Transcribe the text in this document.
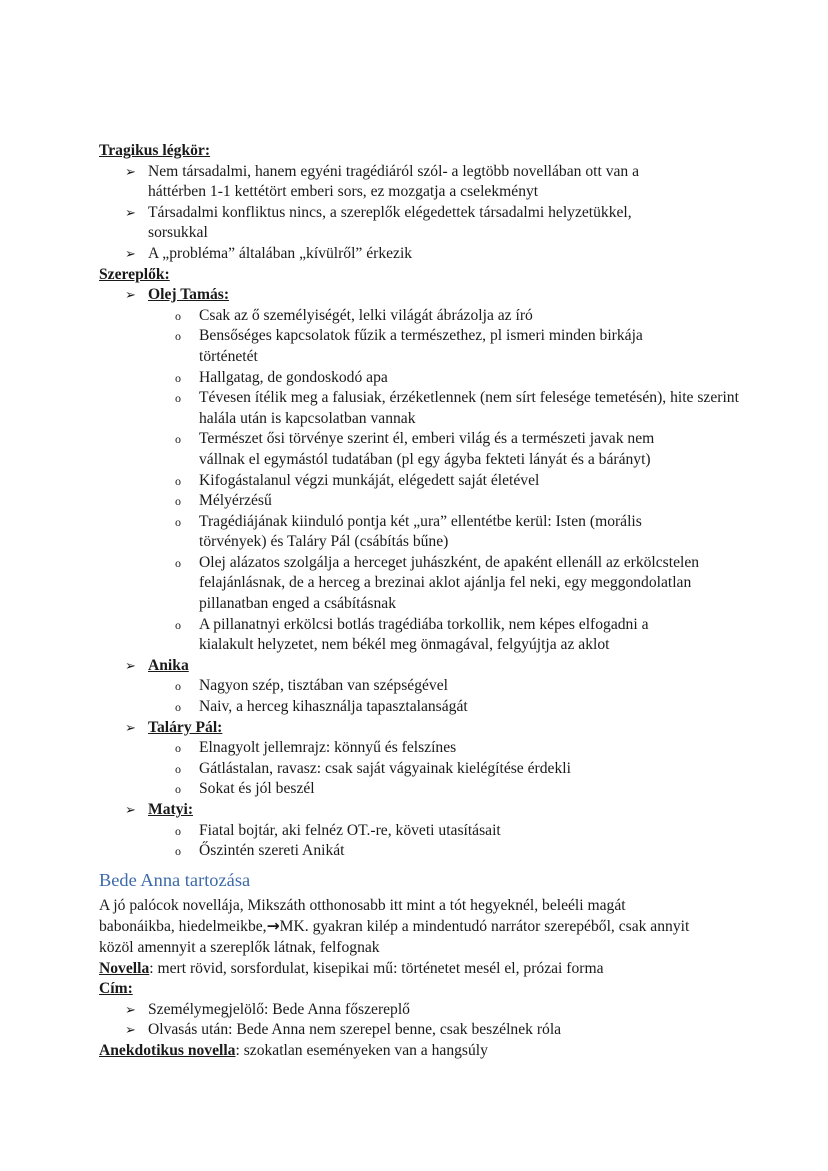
Tragikus légkör:
➢ Nem társadalmi, hanem egyéni tragédiáról szól- a legtöbb novellában ott van a háttérben 1-1 kettétört emberi sors, ez mozgatja a cselekményt
➢ Társadalmi konfliktus nincs, a szereplők elégedettek társadalmi helyzetükkel, sorsukkal
➢ A „probléma” általában „kívülről” érkezik
Szereplők:
➢ Olej Tamás:
o Csak az ő személyiségét, lelki világát ábrázolja az író
o Bensőséges kapcsolatok fűzik a természethez, pl ismeri minden birkája történetét
o Hallgatag, de gondoskodó apa
o Tévesen ítélik meg a falusiak, érzéketlennek (nem sírt felesége temetésén), hite szerint halála után is kapcsolatban vannak
o Természet ősi törvénye szerint él, emberi világ és a természeti javak nem vállnak el egymástól tudatában (pl egy ágyba fekteti lányát és a bárányt)
o Kifogástalanul végzi munkáját, elégedett saját életével
o Mélyérzésű
o Tragédiájának kiinduló pontja két „ura” ellentétbe kerül: Isten (morális törvények) és Taláry Pál (csábítás bűne)
o Olej alázatos szolgálja a herceget juhászként, de apaként ellenáll az erkölcstelen felajánlásnak, de a herceg a brezinai aklot ajánlja fel neki, egy meggondolatlan pillanatban enged a csábításnak
o A pillanatnyi erkölcsi botlás tragédiába torkollik, nem képes elfogadni a kialakult helyzetet, nem békél meg önmagával, felgyújtja az aklot
➢ Anika
o Nagyon szép, tisztában van szépségével
o Naiv, a herceg kihasználja tapasztalanságát
➢ Taláry Pál:
o Elnagyolt jellemrajz: könnyű és felszínes
o Gátlástalan, ravasz: csak saját vágyainak kielégítése érdekli
o Sokat és jól beszél
➢ Matyi:
o Fiatal bojtár, aki felnéz OT.-re, követi utasításait
o Őszintén szereti Anikát
Bede Anna tartozása
A jó palócok novellája, Mikszáth otthonosabb itt mint a tót hegyeknél, beleéli magát babonáikba, hiedelmeikbe,→MK. gyakran kilép a mindentudó narrátor szerepéből, csak annyit közöl amennyit a szereplők látnak, felfognak
Novella: mert rövid, sorsfordulat, kisepikai mű: történetet mesél el, prózai forma
Cím:
➢ Személymegjelölő: Bede Anna főszereplő
➢ Olvasás után: Bede Anna nem szerepel benne, csak beszélnek róla
Anekdotikus novella: szokatlan eseményeken van a hangsúly
